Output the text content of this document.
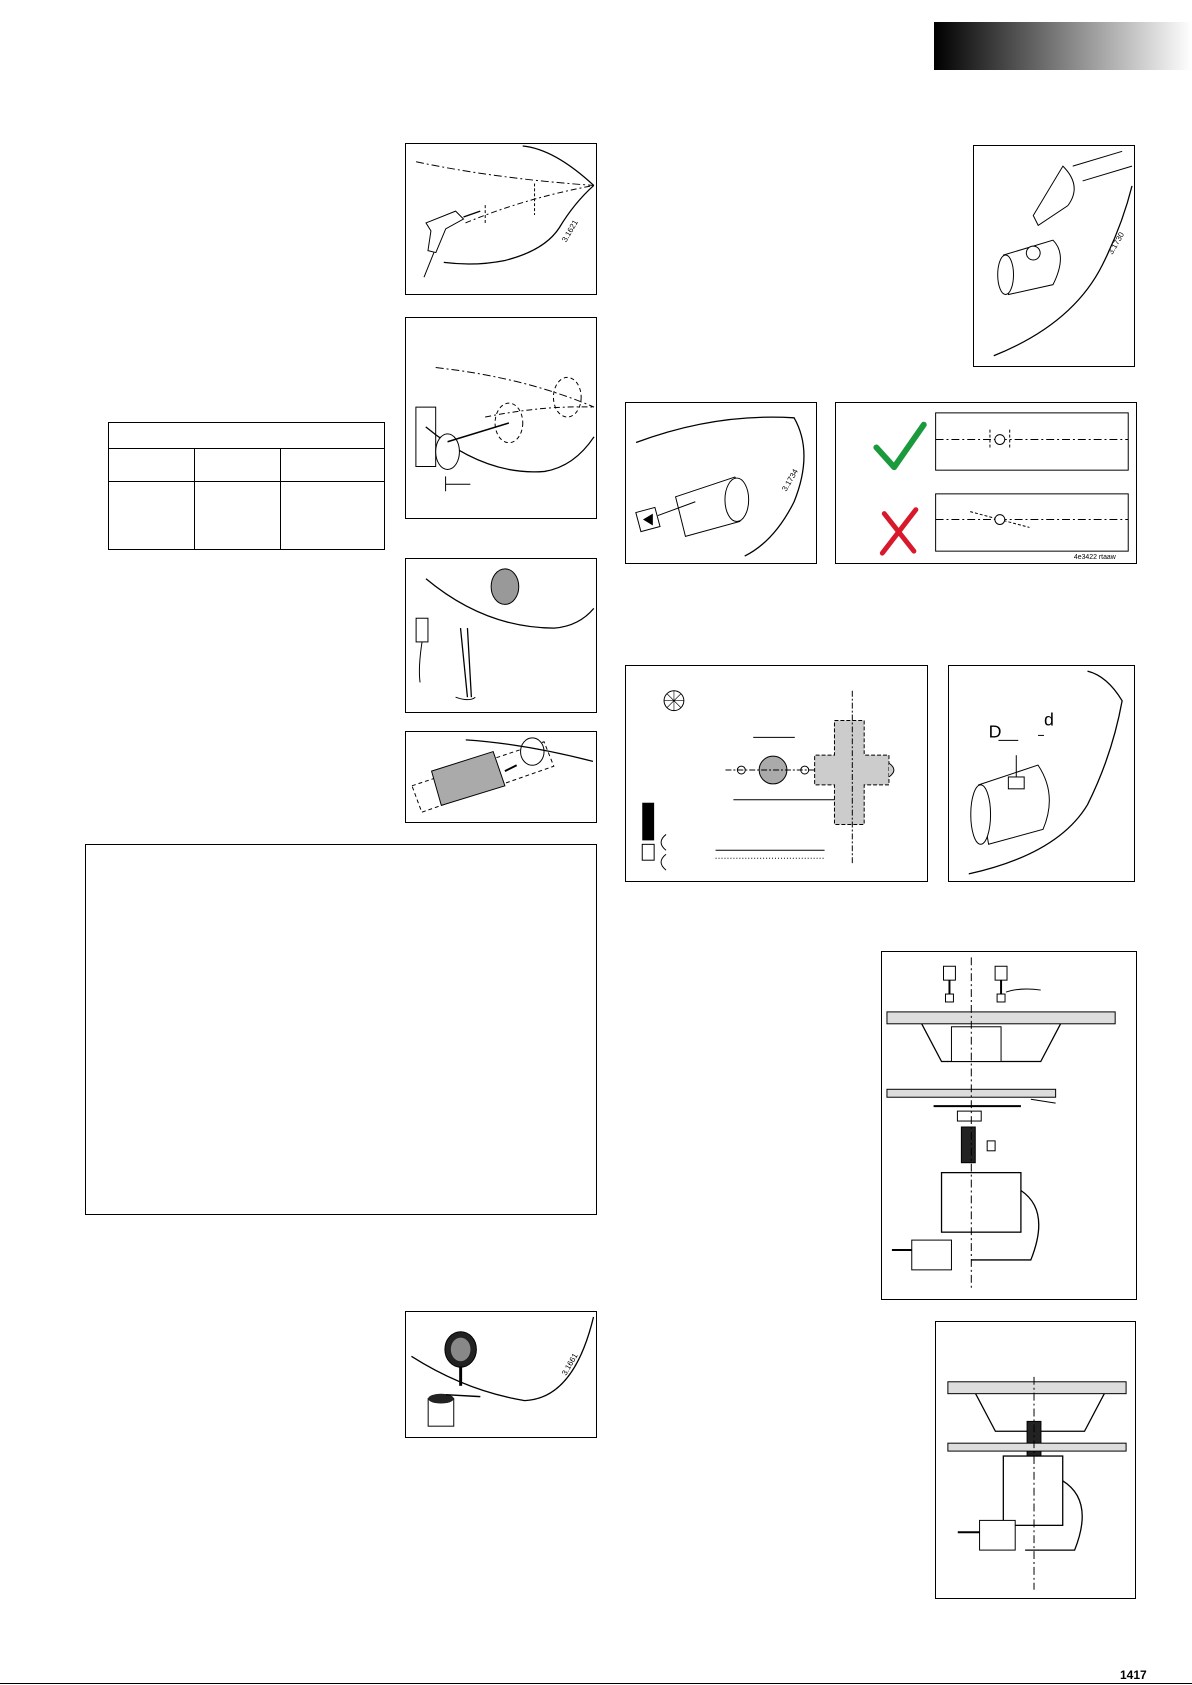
3.1621

3.1661
3.1730
3.1734
4e3422 rtaaw
D
d
1417
